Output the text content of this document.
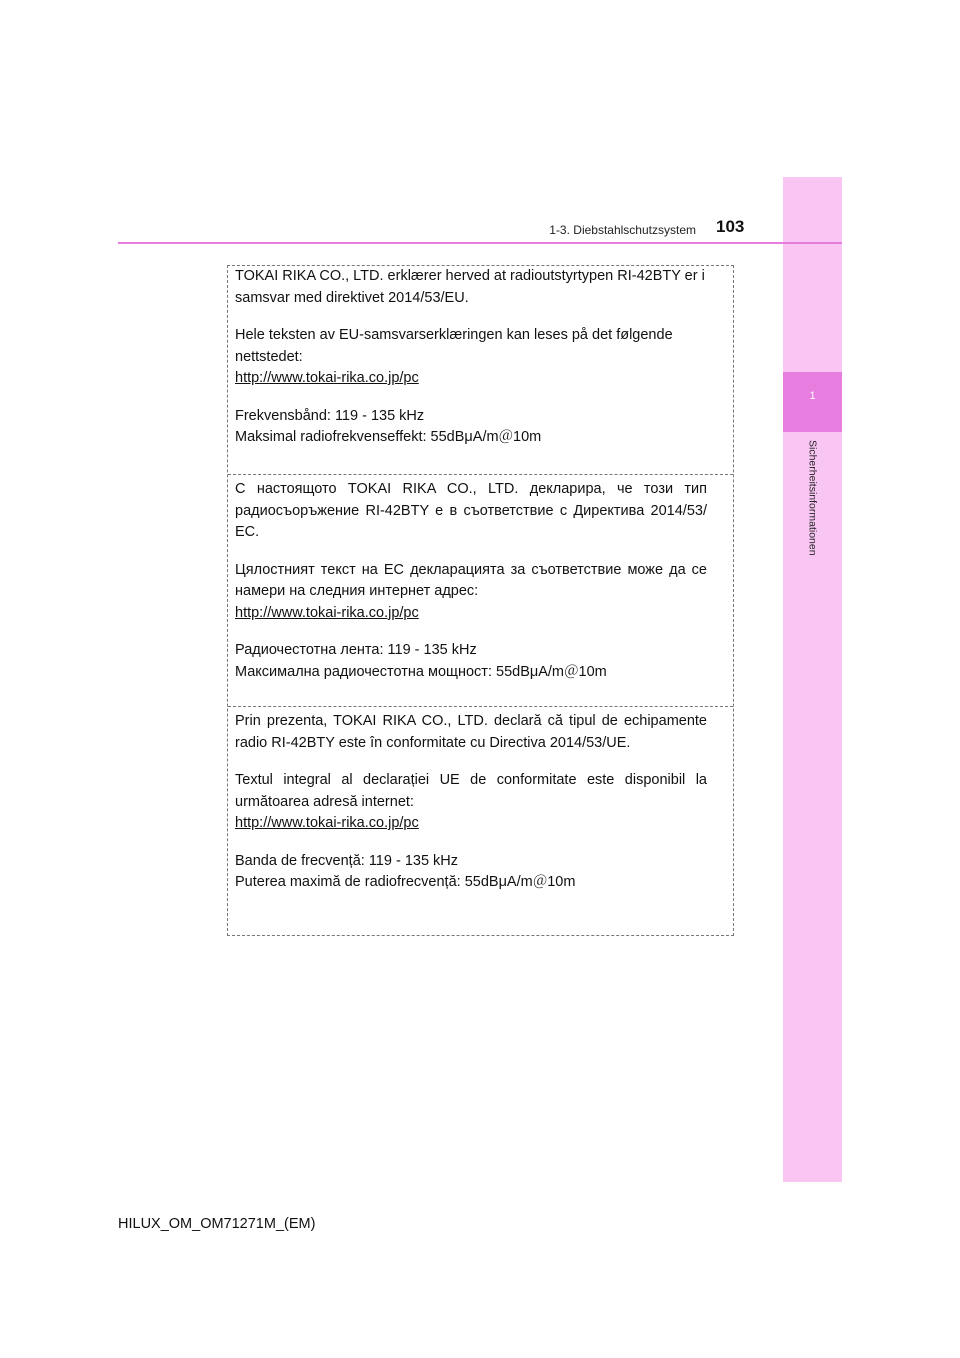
1
Sicherheitsinformationen
1-3. Diebstahlschutzsystem 103

TOKAI RIKA CO., LTD. erklærer herved at radioutstyrtypen RI-42BTY er i samsvar med direktivet 2014/53/EU.

Hele teksten av EU-samsvarserklæringen kan leses på det følgende nettstedet:

http://www.tokai-rika.co.jp/pc

Frekvensbånd: 119 - 135 kHz

Maksimal radiofrekvenseffekt: 55dBμA/m＠10m

С настоящото TOKAI RIKA CO., LTD. декларира, че този тип радиосъоръжение RI-42BTY е в съответствие с Директива 2014/53/ЕС.

Цялостният текст на ЕС декларацията за съответствие може да се намери на следния интернет адрес:

http://www.tokai-rika.co.jp/pc

Радиочестотна лента: 119 - 135 kHz

Максимална радиочестотна мощност: 55dBμA/m＠10m

Prin prezenta, TOKAI RIKA CO., LTD. declară că tipul de echipamente radio RI-42BTY este în conformitate cu Directiva 2014/53/UE.

Textul integral al declarației UE de conformitate este disponibil la următoarea adresă internet:

http://www.tokai-rika.co.jp/pc

Banda de frecvență: 119 - 135 kHz

Puterea maximă de radiofrecvență: 55dBμA/m＠10m

HILUX_OM_OM71271M_(EM)
